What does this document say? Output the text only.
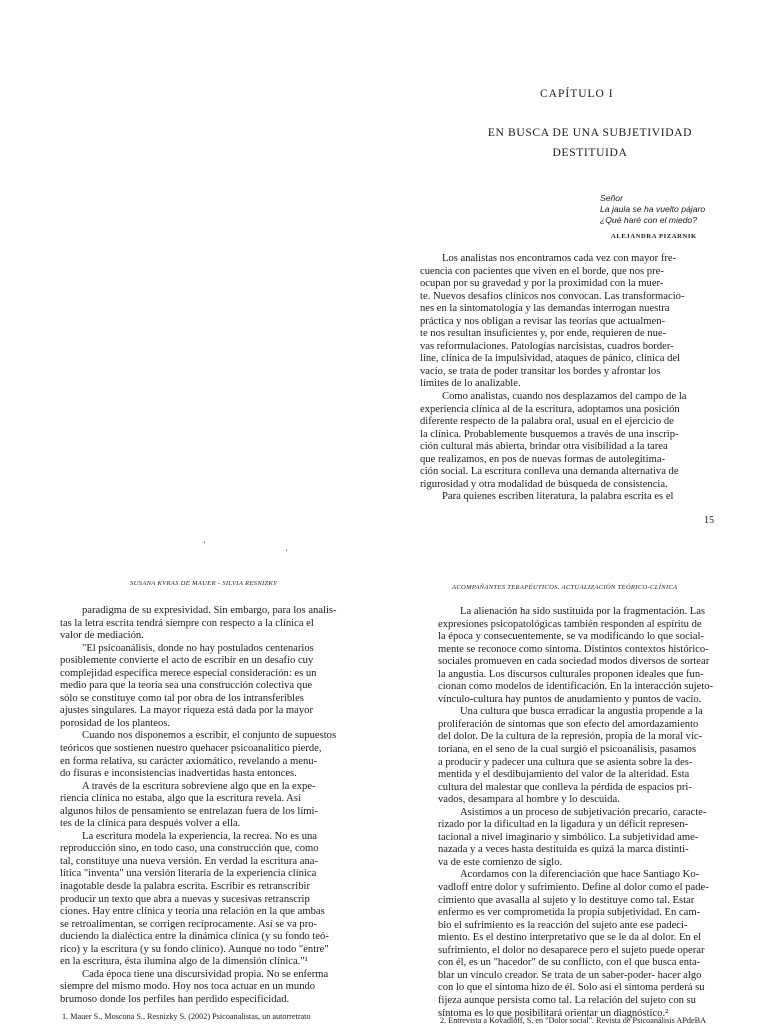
CAPÍTULO I
EN BUSCA DE UNA SUBJETIVIDAD
DESTITUIDA
Señor
La jaula se ha vuelto pájaro
¿Qué haré con el miedo?
ALEJANDRA PIZARNIK
Los analistas nos encontramos cada vez con mayor fre-
cuencia con pacientes que viven en el borde, que nos pre-
ocupan por su gravedad y por la proximidad con la muer-
te. Nuevos desafíos clínicos nos convocan. Las transformacio-
nes en la sintomatología y las demandas interrogan nuestra
práctica y nos obligan a revisar las teorías que actualmen-
te nos resultan insuficientes y, por ende, requieren de nue-
vas reformulaciones. Patologías narcisistas, cuadros border-
line, clínica de la impulsividad, ataques de pánico, clínica del
vacío, se trata de poder transitar los bordes y afrontar los
límites de lo analizable.
Como analistas, cuando nos desplazamos del campo de la
experiencia clínica al de la escritura, adoptamos una posición
diferente respecto de la palabra oral, usual en el ejercicio de
la clínica. Probablemente busquemos a través de una inscrip-
ción cultural más abierta, brindar otra visibilidad a la tarea
que realizamos, en pos de nuevas formas de autolegitima-
ción social. La escritura conlleva una demanda alternativa de
rigurosidad y otra modalidad de búsqueda de consistencia.
Para quienes escriben literatura, la palabra escrita es el
15
'
'
SUSANA KVRAS DE MAUER - SILVIA RESNIZKY
paradigma de su expresividad. Sin embargo, para los analis-
tas la letra escrita tendrá siempre con respecto a la clínica el
valor de mediación.
"El psicoanálisis, donde no hay postulados centenarios
posiblemente convierte el acto de escribir en un desafío cuy
complejidad específica merece especial consideración: es un
medio para que la teoría sea una construcción colectiva que
sólo se constituye como tal por obra de los intransferibles
ajustes singulares. La mayor riqueza está dada por la mayor
porosidad de los planteos.
Cuando nos disponemos a escribir, el conjunto de supuestos
teóricos que sostienen nuestro quehacer psicoanalítico pierde,
en forma relativa, su carácter axiomático, revelando a menu-
do fisuras e inconsistencias inadvertidas hasta entonces.
A través de la escritura sobreviene algo que en la expe-
riencia clínica no estaba, algo que la escritura revela. Así
algunos hilos de pensamiento se entrelazan fuera de los lími-
tes de la clínica para después volver a ella.
La escritura modela la experiencia, la recrea. No es una
reproducción sino, en todo caso, una construcción que, como
tal, constituye una nueva versión. En verdad la escritura ana-
lítica "inventa" una versión literaria de la experiencia clínica
inagotable desde la palabra escrita. Escribir es retranscribir
producir un texto que abra a nuevas y sucesivas retranscrip
ciones. Hay entre clínica y teoría una relación en la que ambas
se retroalimentan, se corrigen recíprocamente. Así se va pro-
duciendo la dialéctica entre la dinámica clínica (y su fondo teó-
rico) y la escritura (y su fondo clínico). Aunque no todo "entre"
en la escritura, ésta ilumina algo de la dimensión clínica."¹
Cada época tiene una discursividad propia. No se enferma
siempre del mismo modo. Hoy nos toca actuar en un mundo
brumoso donde los perfiles han perdido especificidad.
1. Mauer S., Moscona S., Resnizky S. (2002) Psicoanalistas, un autorretrato
ACOMPAÑANTES TERAPÉUTICOS. ACTUALIZACIÓN TEÓRICO-CLÍNICA
La alienación ha sido sustituida por la fragmentación. Las
expresiones psicopatológicas también responden al espíritu de
la época y consecuentemente, se va modificando lo que social-
mente se reconoce como síntoma. Distintos contextos histórico-
sociales promueven en cada sociedad modos diversos de sortear
la angustia. Los discursos culturales proponen ideales que fun-
cionan como modelos de identificación. En la interacción sujeto-
vínculo-cultura hay puntos de anudamiento y puntos de vacío.
Una cultura que busca erradicar la angustia propende a la
proliferación de síntomas que son efecto del amordazamiento
del dolor. De la cultura de la represión, propia de la moral vic-
toriana, en el seno de la cual surgió el psicoanálisis, pasamos
a producir y padecer una cultura que se asienta sobre la des-
mentida y el desdibujamiento del valor de la alteridad. Esta
cultura del malestar que conlleva la pérdida de espacios pri-
vados, desampara al hombre y lo descuida.
Asistimos a un proceso de subjetivación precario, caracte-
rizado por la dificultad en la ligadura y un déficit represen-
tacional a nivel imaginario y simbólico. La subjetividad ame-
nazada y a veces hasta destituida es quizá la marca distinti-
va de este comienzo de siglo.
Acordamos con la diferenciación que hace Santiago Ko-
vadloff entre dolor y sufrimiento. Define al dolor como el pade-
cimiento que avasalla al sujeto y lo destituye como tal. Estar
enfermo es ver comprometida la propia subjetividad. En cam-
bio el sufrimiento es la reacción del sujeto ante ese padeci-
miento. Es el destino interpretativo que se le da al dolor. En el
sufrimiento, el dolor no desaparece pero el sujeto puede operar
con él, es un "hacedor" de su conflicto, con el que busca enta-
blar un vínculo creador. Se trata de un saber-poder- hacer algo
con lo que el síntoma hizo de él. Solo así el síntoma perderá su
fijeza aunque persista como tal. La relación del sujeto con su
síntoma es lo que posibilitará orientar un diagnóstico.²
2. Entrevista a Kovadloff, S. en "Dolor social". Revista de Psicoanálisis APdeBA
